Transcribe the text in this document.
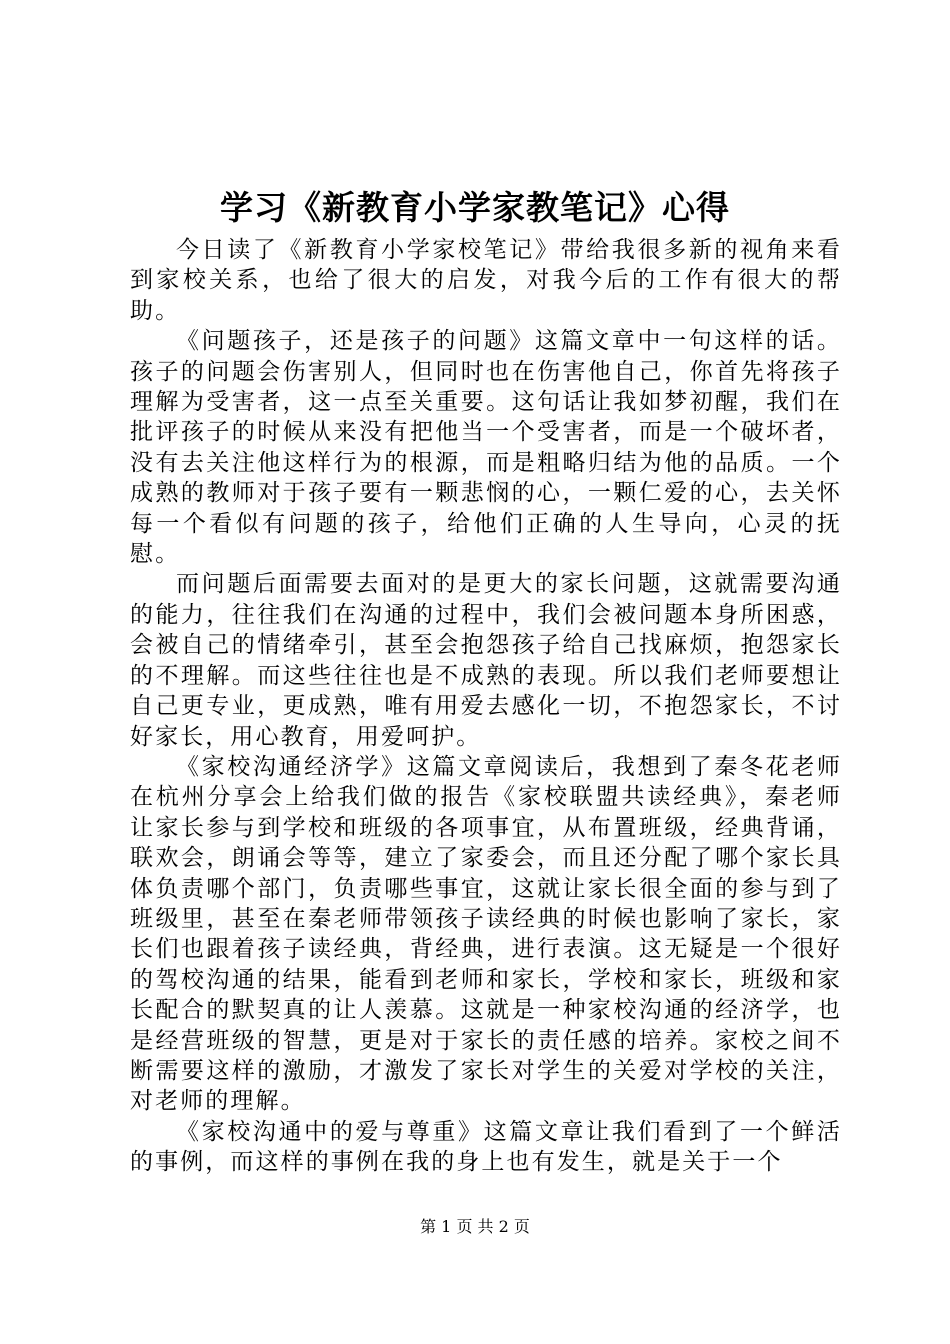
学习《新教育小学家教笔记》心得

今日读了《新教育小学家校笔记》带给我很多新的视角来看到家校关系，也给了很大的启发，对我今后的工作有很大的帮助。

《问题孩子，还是孩子的问题》这篇文章中一句这样的话。孩子的问题会伤害别人，但同时也在伤害他自己，你首先将孩子理解为受害者，这一点至关重要。这句话让我如梦初醒，我们在批评孩子的时候从来没有把他当一个受害者，而是一个破坏者，没有去关注他这样行为的根源，而是粗略归结为他的品质。一个成熟的教师对于孩子要有一颗悲悯的心，一颗仁爱的心，去关怀每一个看似有问题的孩子，给他们正确的人生导向，心灵的抚慰。

而问题后面需要去面对的是更大的家长问题，这就需要沟通的能力，往往我们在沟通的过程中，我们会被问题本身所困惑，会被自己的情绪牵引，甚至会抱怨孩子给自己找麻烦，抱怨家长的不理解。而这些往往也是不成熟的表现。所以我们老师要想让自己更专业，更成熟，唯有用爱去感化一切，不抱怨家长，不讨好家长，用心教育，用爱呵护。

《家校沟通经济学》这篇文章阅读后，我想到了秦冬花老师在杭州分享会上给我们做的报告《家校联盟共读经典》，秦老师让家长参与到学校和班级的各项事宜，从布置班级，经典背诵，联欢会，朗诵会等等，建立了家委会，而且还分配了哪个家长具体负责哪个部门，负责哪些事宜，这就让家长很全面的参与到了班级里，甚至在秦老师带领孩子读经典的时候也影响了家长，家长们也跟着孩子读经典，背经典，进行表演。这无疑是一个很好的驾校沟通的结果，能看到老师和家长，学校和家长，班级和家长配合的默契真的让人羡慕。这就是一种家校沟通的经济学，也是经营班级的智慧，更是对于家长的责任感的培养。家校之间不断需要这样的激励，才激发了家长对学生的关爱对学校的关注，对老师的理解。

《家校沟通中的爱与尊重》这篇文章让我们看到了一个鲜活的事例，而这样的事例在我的身上也有发生，就是关于一个

第 1 页 共 2 页
